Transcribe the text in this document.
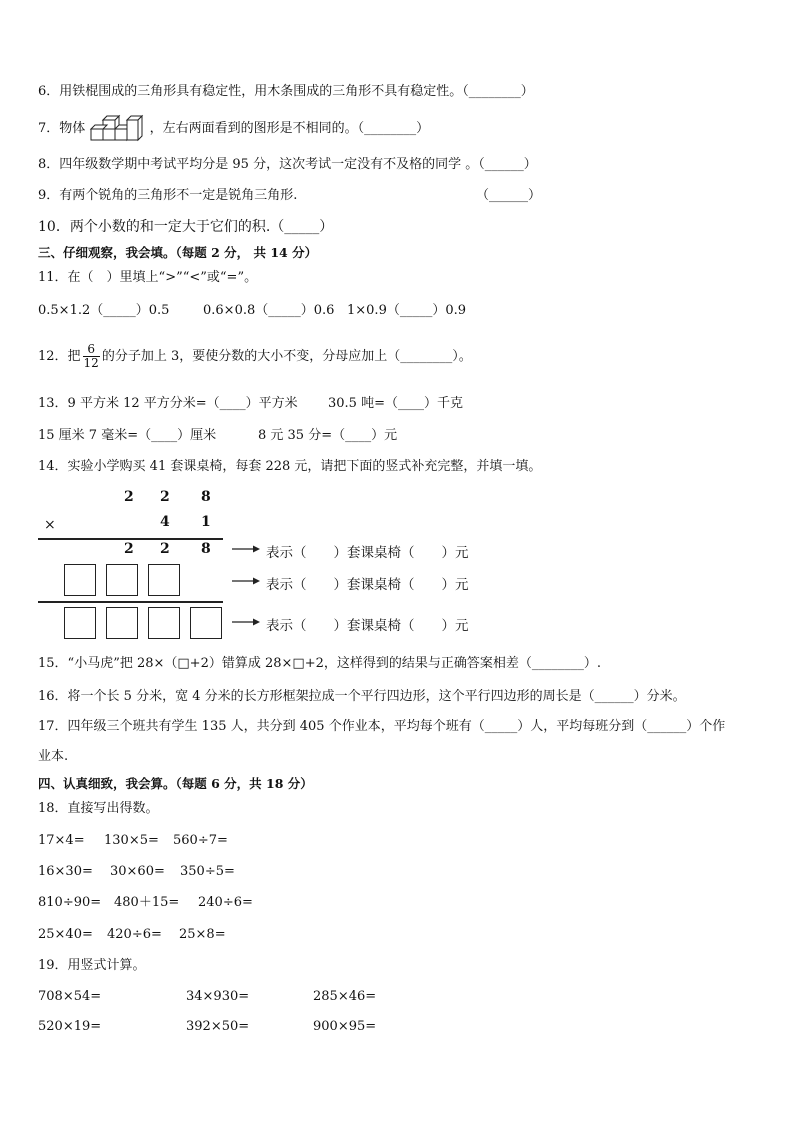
6．用铁棍围成的三角形具有稳定性，用木条围成的三角形不具有稳定性。（________）
7．物体	，左右两面看到的图形是不相同的。（________）
8．四年级数学期中考试平均分是 95 分，这次考试一定没有不及格的同学 。（______）
9．有两个锐角的三角形不一定是锐角三角形.	（______）
10．两个小数的和一定大于它们的积.（_____）
三、仔细观察，我会填。（每题 2 分， 共 14 分）
11．在（　）里填上“>”“<”或“=”。
0.5×1.2（_____）0.5	0.6×0.8（_____）0.6 1×0.9（_____）0.9
12．把 $\frac{6}{12}$ 的分子加上 3，要使分数的大小不变，分母应加上（________）。
13．9 平方米 12 平方分米=（____）平方米 30.5 吨=（____）千克
15 厘米 7 毫米=（____）厘米	8 元 35 分=（____）元
14．实验小学购买 41 套课桌椅，每套 228 元，请把下面的竖式补充完整，并填一填。
2 2 8
×	4 1
2 2 8	表示（　　）套课桌椅（　　）元
表示（　　）套课桌椅（　　）元
表示（　　）套课桌椅（　　）元
15．“小马虎”把 28×（□+2）错算成 28×□+2，这样得到的结果与正确答案相差（________）.
16．将一个长 5 分米，宽 4 分米的长方形框架拉成一个平行四边形，这个平行四边形的周长是（______）分米。
17．四年级三个班共有学生 135 人，共分到 405 个作业本，平均每个班有（_____）人，平均每班分到（______）个作
业本.
四、认真细致，我会算。（每题 6 分，共 18 分）
18．直接写出得数。
17×4= 130×5= 560÷7=
16×30= 30×60= 350÷5=
810÷90= 480＋15= 240÷6=
25×40= 420÷6= 25×8=
19．用竖式计算。
708×54=	34×930=	285×46=
520×19=	392×50=	900×95=
